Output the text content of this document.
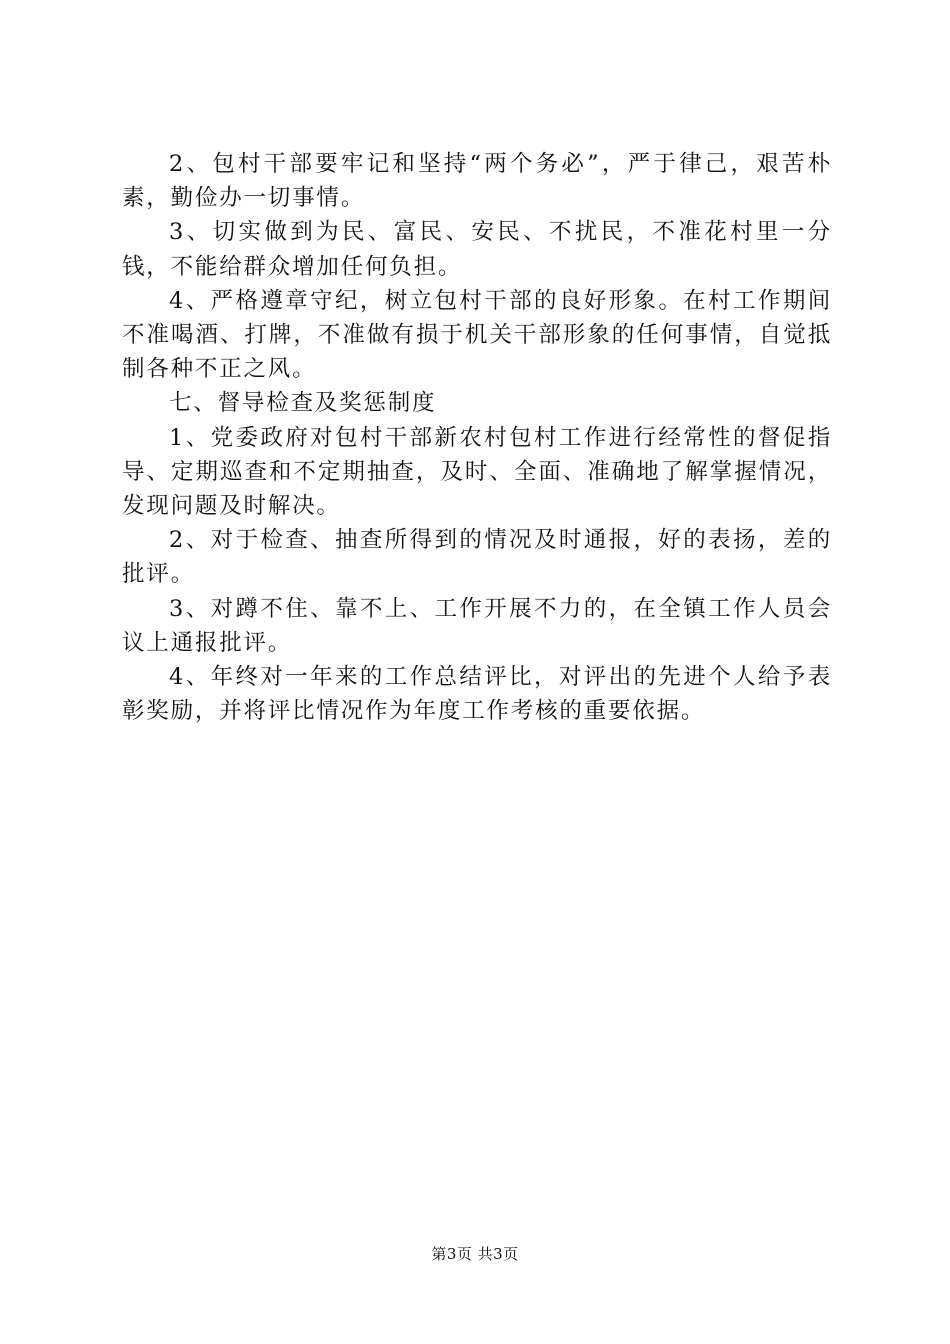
2、包村干部要牢记和坚持“两个务必”，严于律己，艰苦朴素，勤俭办一切事情。

3、切实做到为民、富民、安民、不扰民，不准花村里一分钱，不能给群众增加任何负担。

4、严格遵章守纪，树立包村干部的良好形象。在村工作期间不准喝酒、打牌，不准做有损于机关干部形象的任何事情，自觉抵制各种不正之风。

七、督导检查及奖惩制度

1、党委政府对包村干部新农村包村工作进行经常性的督促指导、定期巡查和不定期抽查，及时、全面、准确地了解掌握情况，发现问题及时解决。

2、对于检查、抽查所得到的情况及时通报，好的表扬，差的批评。

3、对蹲不住、靠不上、工作开展不力的，在全镇工作人员会议上通报批评。

4、年终对一年来的工作总结评比，对评出的先进个人给予表彰奖励，并将评比情况作为年度工作考核的重要依据。

第3页 共3页
